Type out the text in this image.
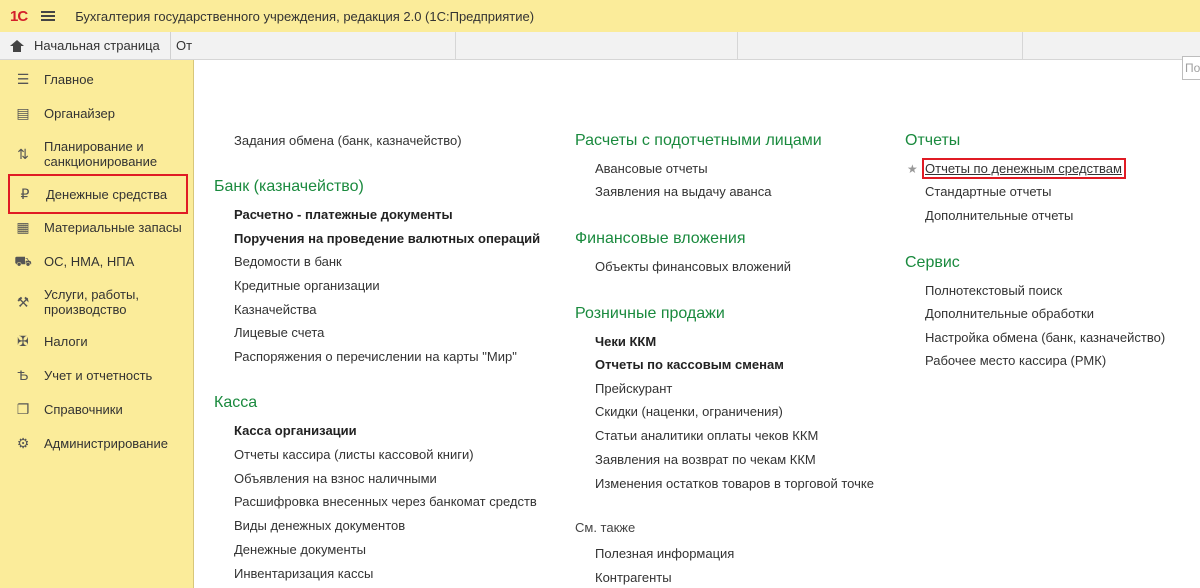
1С	Бухгалтерия государственного учреждения, редакция 2.0 (1С:Предприятие)
Начальная страница От
☰ Главное
▤ Органайзер
⇅ Планирование и санкционирование
₽	Денежные средства
▦ Материальные запасы
⛟ ОС, НМА, НПА
⚒ Услуги, работы, производство
✠ Налоги
Ѣ Учет и отчетность
❐ Справочники
⚙ Администрирование
По
Задания обмена (банк, казначейство)
Банк (казначейство)
Расчетно - платежные документы
Поручения на проведение валютных операций
Ведомости в банк
Кредитные организации
Казначейства
Лицевые счета
Распоряжения о перечислении на карты "Мир"
Касса
Касса организации
Отчеты кассира (листы кассовой книги)
Объявления на взнос наличными
Расшифровка внесенных через банкомат средств
Виды денежных документов
Денежные документы
Инвентаризация кассы
Расчеты с подотчетными лицами
Авансовые отчеты
Заявления на выдачу аванса
Финансовые вложения
Объекты финансовых вложений
Розничные продажи
Чеки ККМ
Отчеты по кассовым сменам
Прейскурант
Скидки (наценки, ограничения)
Статьи аналитики оплаты чеков ККМ
Заявления на возврат по чекам ККМ
Изменения остатков товаров в торговой точке
См. также
Полезная информация
Контрагенты
Отчеты
★ Отчеты по денежным средствам
Стандартные отчеты
Дополнительные отчеты
Сервис
Полнотекстовый поиск
Дополнительные обработки
Настройка обмена (банк, казначейство)
Рабочее место кассира (РМК)
